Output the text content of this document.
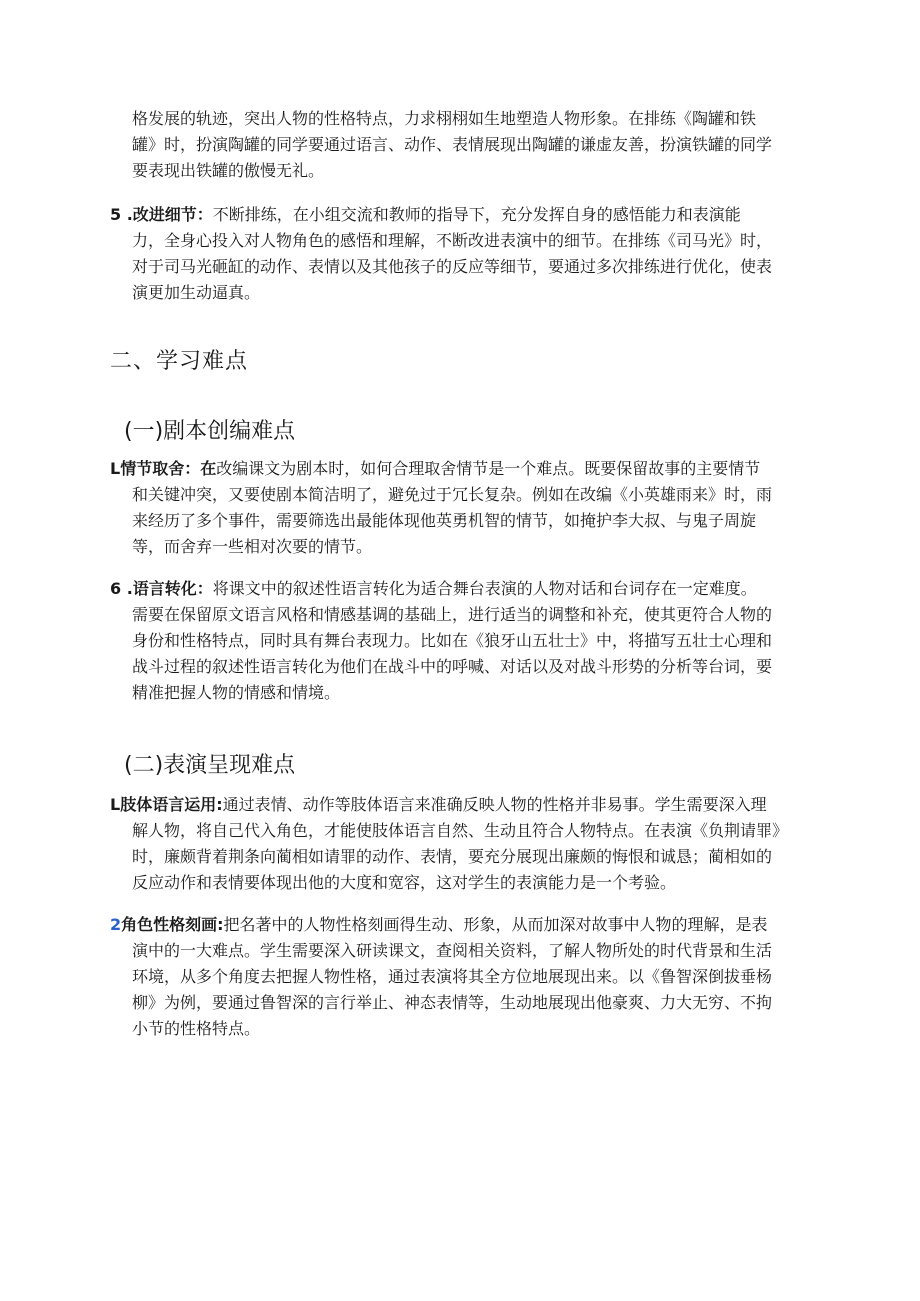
格发展的轨迹，突出人物的性格特点，力求栩栩如生地塑造人物形象。在排练《陶罐和铁
罐》时，扮演陶罐的同学要通过语言、动作、表情展现出陶罐的谦虚友善，扮演铁罐的同学
要表现出铁罐的傲慢无礼。
5 .改进细节：不断排练，在小组交流和教师的指导下，充分发挥自身的感悟能力和表演能
力，全身心投入对人物角色的感悟和理解，不断改进表演中的细节。在排练《司马光》时，
对于司马光砸缸的动作、表情以及其他孩子的反应等细节，要通过多次排练进行优化，使表
演更加生动逼真。
二、学习难点
(一)剧本创编难点
L情节取舍：在改编课文为剧本时，如何合理取舍情节是一个难点。既要保留故事的主要情节
和关键冲突，又要使剧本简洁明了，避免过于冗长复杂。例如在改编《小英雄雨来》时，雨
来经历了多个事件，需要筛选出最能体现他英勇机智的情节，如掩护李大叔、与鬼子周旋
等，而舍弃一些相对次要的情节。
6 .语言转化：将课文中的叙述性语言转化为适合舞台表演的人物对话和台词存在一定难度。
需要在保留原文语言风格和情感基调的基础上，进行适当的调整和补充，使其更符合人物的
身份和性格特点，同时具有舞台表现力。比如在《狼牙山五壮士》中，将描写五壮士心理和
战斗过程的叙述性语言转化为他们在战斗中的呼喊、对话以及对战斗形势的分析等台词，要
精准把握人物的情感和情境。
(二)表演呈现难点
L肢体语言运用:通过表情、动作等肢体语言来准确反映人物的性格并非易事。学生需要深入理
解人物，将自己代入角色，才能使肢体语言自然、生动且符合人物特点。在表演《负荆请罪》
时，廉颇背着荆条向蔺相如请罪的动作、表情，要充分展现出廉颇的悔恨和诚恳；蔺相如的
反应动作和表情要体现出他的大度和宽容，这对学生的表演能力是一个考验。
2角色性格刻画:把名著中的人物性格刻画得生动、形象，从而加深对故事中人物的理解，是表
演中的一大难点。学生需要深入研读课文，查阅相关资料，了解人物所处的时代背景和生活
环境，从多个角度去把握人物性格，通过表演将其全方位地展现出来。以《鲁智深倒拔垂杨
柳》为例，要通过鲁智深的言行举止、神态表情等，生动地展现出他豪爽、力大无穷、不拘
小节的性格特点。
